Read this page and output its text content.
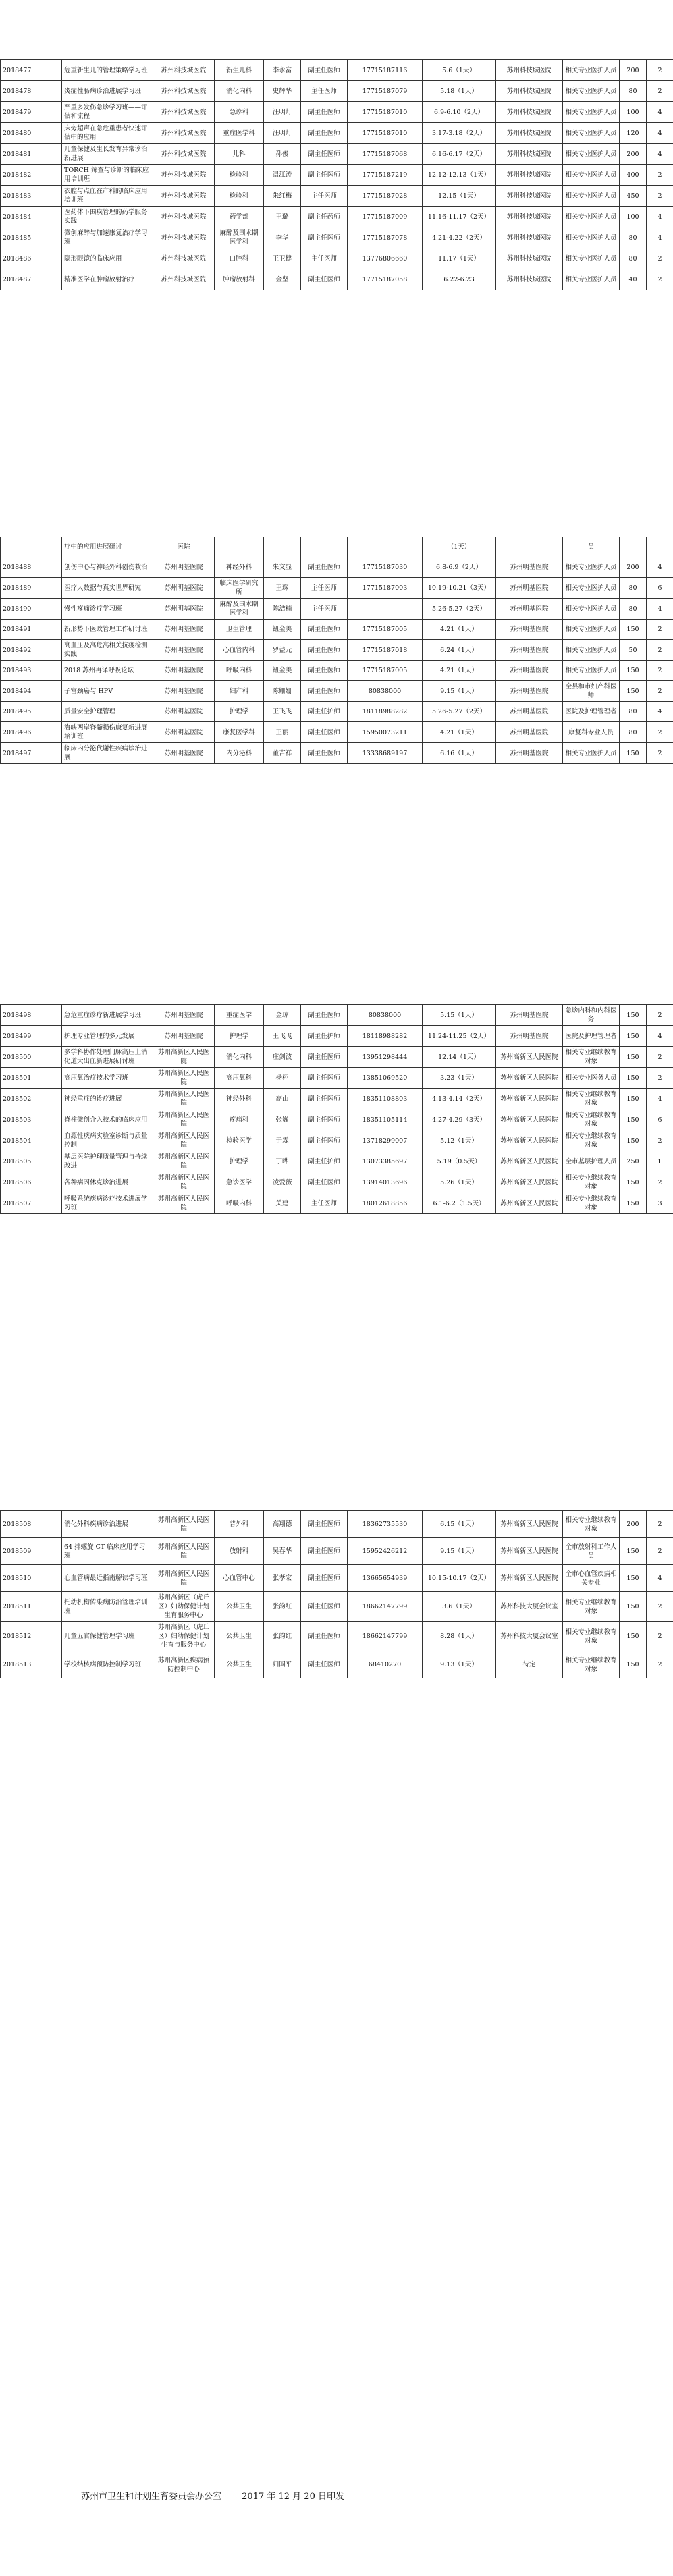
2018477	危重新生儿的管理策略学习班	苏州科技城医院	新生儿科	李永富	副主任医师	17715187116	5.6（1天）	苏州科技城医院	相关专业医护人员	200	2
2018478	炎症性肠病诊治进展学习班	苏州科技城医院	消化内科	史辉华	主任医师	17715187079	5.18（1天）	苏州科技城医院	相关专业医护人员	80	2
2018479	严重多发伤急诊学习班——评估和流程	苏州科技城医院	急诊科	汪明灯	副主任医师	17715187010	6.9-6.10（2天）	苏州科技城医院	相关专业医护人员	100	4
2018480	床旁超声在急危重患者快速评估中的应用	苏州科技城医院	重症医学科	汪明灯	副主任医师	17715187010	3.17-3.18（2天）	苏州科技城医院	相关专业医护人员	120	4
2018481	儿童保健及生长发育异常诊治新进展	苏州科技城医院	儿科	孙俊	副主任医师	17715187068	6.16-6.17（2天）	苏州科技城医院	相关专业医护人员	200	4
2018482	TORCH 筛查与诊断的临床应用培训班	苏州科技城医院	检验科	温江涛	副主任医师	17715187219	12.12-12.13（1天）	苏州科技城医院	相关专业医护人员	400	2
2018483	衣腔与点血在产科的临床应用培训班	苏州科技城医院	检验科	朱红梅	主任医师	17715187028	12.15（1天）	苏州科技城医院	相关专业医护人员	450	2
2018484	医药体下围疾管理的药学服务实践	苏州科技城医院	药学部	王璐	副主任药师	17715187009	11.16-11.17（2天）	苏州科技城医院	相关专业医护人员	100	4
2018485	微创麻醉与加速康复治疗学习班	苏州科技城医院	麻醉及围术期医学科	李华	副主任医师	17715187078	4.21-4.22（2天）	苏州科技城医院	相关专业医护人员	80	4
2018486	隐形眼镜的临床应用	苏州科技城医院	口腔科	王卫健	主任医师	13776806660	11.17（1天）	苏州科技城医院	相关专业医护人员	80	2
2018487	精准医学在肿瘤放射治疗	苏州科技城医院	肿瘤放射科	金坚	副主任医师	17715187058	6.22-6.23	苏州科技城医院	相关专业医护人员	40	2
	疗中的应用进展研讨	医院					（1天）		员		
2018488	创伤中心与神经外科创伤救治	苏州明基医院	神经外科	朱文显	副主任医师	17715187030	6.8-6.9（2天）	苏州明基医院	相关专业医护人员	200	4
2018489	医疗大数据与真实世界研究	苏州明基医院	临床医学研究所	王琛	主任医师	17715187003	10.19-10.21（3天）	苏州明基医院	相关专业医护人员	80	6
2018490	慢性疼痛诊疗学习班	苏州明基医院	麻醉及围术期医学科	陈洁楠	主任医师		5.26-5.27（2天）	苏州明基医院	相关专业医护人员	80	4
2018491	新形势下医政管理工作研讨班	苏州明基医院	卫生管理	钮金美	副主任医师	17715187005	4.21（1天）	苏州明基医院	相关专业医护人员	150	2
2018492	高血压及高危高相关抗疫检测实践	苏州明基医院	心血管内科	罗益元	副主任医师	17715187018	6.24（1天）	苏州明基医院	相关专业医护人员	50	2
2018493	2018 苏州再译呼吸论坛	苏州明基医院	呼吸内科	钮金美	副主任医师	17715187005	4.21（1天）	苏州明基医院	相关专业医护人员	150	2
2018494	子宫颈癌与 HPV	苏州明基医院	妇产科	陈姗姗	副主任医师	80838000	9.15（1天）	苏州明基医院	全县和市妇产科医师	150	2
2018495	质量安全护理管理	苏州明基医院	护理学	王飞飞	副主任护师	18118988282	5.26-5.27（2天）	苏州明基医院	医院及护理管理者	80	4
2018496	海峡两岸脊髓损伤康复新进展培训班	苏州明基医院	康复医学科	王丽	副主任医师	15950073211	4.21（1天）	苏州明基医院	康复科专业人员	80	2
2018497	临床内分泌代谢性疾病诊治进展	苏州明基医院	内分泌科	董吉祥	副主任医师	13338689197	6.16（1天）	苏州明基医院	相关专业医护人员	150	2
2018498	急危重症诊疗新进展学习班	苏州明基医院	重症医学	金琼	副主任医师	80838000	5.15（1天）	苏州明基医院	急诊内科和内科医务	150	2
2018499	护理专业管理的多元发展	苏州明基医院	护理学	王飞飞	副主任护师	18118988282	11.24-11.25（2天）	苏州明基医院	医院及护理管理者	150	4
2018500	多学科协作处理门脉高压上消化道大出血新进展研讨班	苏州高新区人民医院	消化内科	庄剑波	副主任医师	13951298444	12.14（1天）	苏州高新区人民医院	相关专业继续教育对象	150	2
2018501	高压氧治疗技术学习班	苏州高新区人民医院	高压氧科	杨栩	副主任医师	13851069520	3.23（1天）	苏州高新区人民医院	相关专业医务人员	150	2
2018502	神经重症的诊疗进展	苏州高新区人民医院	神经外科	高山	副主任医师	18351108803	4.13-4.14（2天）	苏州高新区人民医院	相关专业继续教育对象	150	4
2018503	脊柱微创介入技术的临床应用	苏州高新区人民医院	疼痛科	张巍	副主任医师	18351105114	4.27-4.29（3天）	苏州高新区人民医院	相关专业继续教育对象	150	6
2018504	血源性疾病实验室诊断与质量控制	苏州高新区人民医院	检验医学	于霖	副主任医师	13718299007	5.12（1天）	苏州高新区人民医院	相关专业继续教育对象	150	2
2018505	基层医院护理质量管理与持续改进	苏州高新区人民医院	护理学	丁晔	副主任护师	13073385697	5.19（0.5天）	苏州高新区人民医院	全市基层护理人员	250	1
2018506	各种病因休克诊治进展	苏州高新区人民医院	急诊医学	凌爱薇	副主任医师	13914013696	5.26（1天）	苏州高新区人民医院	相关专业继续教育对象	150	2
2018507	呼吸系统疾病诊疗技术进展学习班	苏州高新区人民医院	呼吸内科	关建	主任医师	18012618856	6.1-6.2（1.5天）	苏州高新区人民医院	相关专业继续教育对象	150	3
2018508	消化外科疾病诊治进展	苏州高新区人民医院	普外科	高翔德	副主任医师	18362735530	6.15（1天）	苏州高新区人民医院	相关专业继续教育对象	200	2
2018509	64 排螺旋 CT 临床应用学习班	苏州高新区人民医院	放射科	吴春华	副主任医师	15952426212	9.15（1天）	苏州高新区人民医院	全市放射科工作人员	150	2
2018510	心血管病最近指南解读学习班	苏州高新区人民医院	心血管中心	张孝宏	副主任医师	13665654939	10.15-10.17（2天）	苏州高新区人民医院	全市心血管疾病相关专业	150	4
2018511	托幼机构传染病防治管理培训班	苏州高新区（虎丘区）妇幼保健计划生育服务中心	公共卫生	张韵红	副主任医师	18662147799	3.6（1天）	苏州科技大厦会议室	相关专业继续教育对象	150	2
2018512	儿童五官保健管理学习班	苏州高新区（虎丘区）妇幼保健计划生育与服务中心	公共卫生	张韵红	副主任医师	18662147799	8.28（1天）	苏州科技大厦会议室	相关专业继续教育对象	150	2
2018513	学校结核病预防控制学习班	苏州高新区疾病预防控制中心	公共卫生	归国平	副主任医师	68410270	9.13（1天）	待定	相关专业继续教育对象	150	2
苏州市卫生和计划生育委员会办公室 2017 年 12 月 20 日印发
